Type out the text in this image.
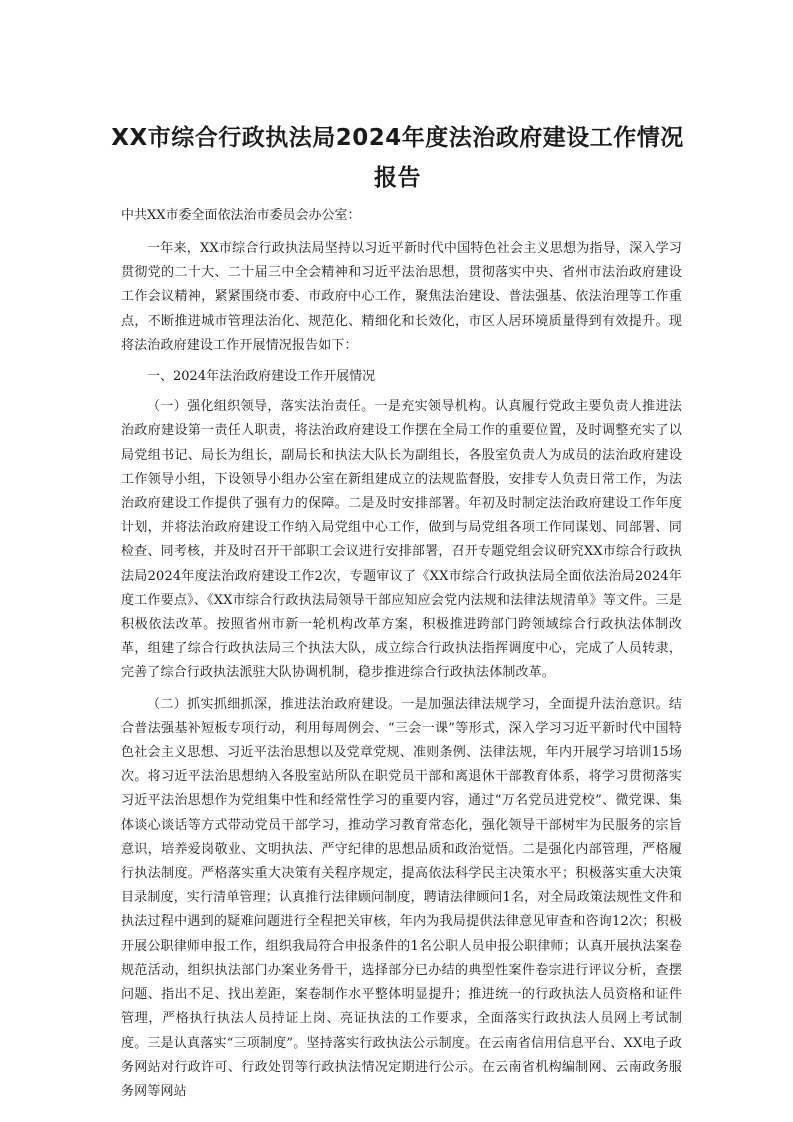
XX市综合行政执法局2024年度法治政府建设工作情况报告
中共XX市委全面依法治市委员会办公室：

一年来，XX市综合行政执法局坚持以习近平新时代中国特色社会主义思想为指导，深入学习贯彻党的二十大、二十届三中全会精神和习近平法治思想，贯彻落实中央、省州市法治政府建设工作会议精神，紧紧围绕市委、市政府中心工作，聚焦法治建设、普法强基、依法治理等工作重点，不断推进城市管理法治化、规范化、精细化和长效化，市区人居环境质量得到有效提升。现将法治政府建设工作开展情况报告如下：

一、2024年法治政府建设工作开展情况

（一）强化组织领导，落实法治责任。一是充实领导机构。认真履行党政主要负责人推进法治政府建设第一责任人职责，将法治政府建设工作摆在全局工作的重要位置，及时调整充实了以局党组书记、局长为组长，副局长和执法大队长为副组长，各股室负责人为成员的法治政府建设工作领导小组，下设领导小组办公室在新组建成立的法规监督股，安排专人负责日常工作，为法治政府建设工作提供了强有力的保障。二是及时安排部署。年初及时制定法治政府建设工作年度计划，并将法治政府建设工作纳入局党组中心工作，做到与局党组各项工作同谋划、同部署、同检查、同考核，并及时召开干部职工会议进行安排部署，召开专题党组会议研究XX市综合行政执法局2024年度法治政府建设工作2次，专题审议了《XX市综合行政执法局全面依法治局2024年度工作要点》、《XX市综合行政执法局领导干部应知应会党内法规和法律法规清单》等文件。三是积极依法改革。按照省州市新一轮机构改革方案，积极推进跨部门跨领域综合行政执法体制改革，组建了综合行政执法局三个执法大队，成立综合行政执法指挥调度中心，完成了人员转隶，完善了综合行政执法派驻大队协调机制，稳步推进综合行政执法体制改革。

（二）抓实抓细抓深，推进法治政府建设。一是加强法律法规学习，全面提升法治意识。结合普法强基补短板专项行动，利用每周例会、“三会一课”等形式，深入学习习近平新时代中国特色社会主义思想、习近平法治思想以及党章党规、准则条例、法律法规，年内开展学习培训15场次。将习近平法治思想纳入各股室站所队在职党员干部和离退休干部教育体系，将学习贯彻落实习近平法治思想作为党组集中性和经常性学习的重要内容，通过“万名党员进党校”、微党课、集体谈心谈话等方式带动党员干部学习，推动学习教育常态化，强化领导干部树牢为民服务的宗旨意识，培养爱岗敬业、文明执法、严守纪律的思想品质和政治觉悟。二是强化内部管理，严格履行执法制度。严格落实重大决策有关程序规定，提高依法科学民主决策水平；积极落实重大决策目录制度，实行清单管理；认真推行法律顾问制度，聘请法律顾问1名，对全局政策法规性文件和执法过程中遇到的疑难问题进行全程把关审核，年内为我局提供法律意见审查和咨询12次；积极开展公职律师申报工作，组织我局符合申报条件的1名公职人员申报公职律师；认真开展执法案卷规范活动，组织执法部门办案业务骨干，选择部分已办结的典型性案件卷宗进行评议分析，查摆问题、指出不足、找出差距，案卷制作水平整体明显提升；推进统一的行政执法人员资格和证件管理，严格执行执法人员持证上岗、亮证执法的工作要求，全面落实行政执法人员网上考试制度。三是认真落实“三项制度”。坚持落实行政执法公示制度。在云南省信用信息平台、XX电子政务网站对行政许可、行政处罚等行政执法情况定期进行公示。在云南省机构编制网、云南政务服务网等网站
